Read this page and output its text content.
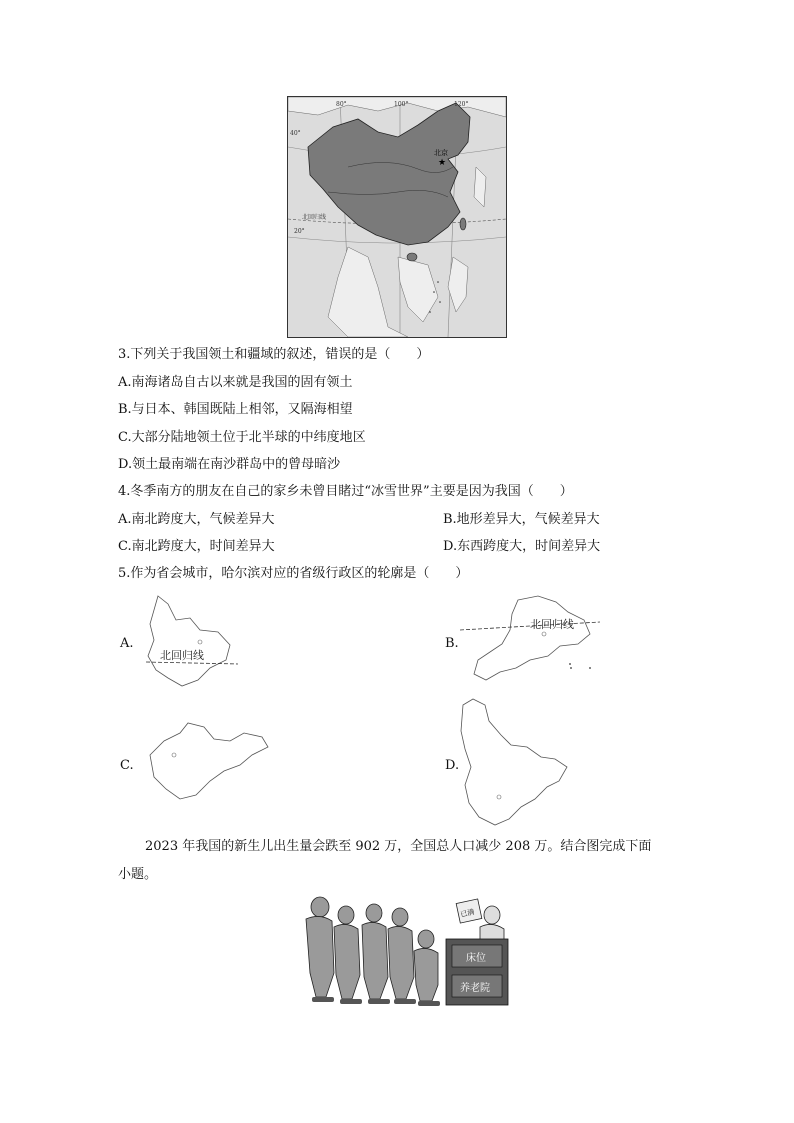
★
北京
80°	100°	120°
40°
20°
北回归线
3.下列关于我国领土和疆域的叙述，错误的是（　　）
A.南海诸岛自古以来就是我国的固有领土
B.与日本、韩国既陆上相邻，又隔海相望
C.大部分陆地领土位于北半球的中纬度地区
D.领土最南端在南沙群岛中的曾母暗沙
4.冬季南方的朋友在自己的家乡未曾目睹过“冰雪世界”主要是因为我国（　　）
A.南北跨度大，气候差异大	B.地形差异大，气候差异大
C.南北跨度大，时间差异大	D.东西跨度大，时间差异大
5.作为省会城市，哈尔滨对应的省级行政区的轮廓是（　　）
A.
北回归线
B.
北回归线
C.	D.
2023 年我国的新生儿出生量会跌至 902 万，全国总人口减少 208 万。结合图完成下面
小题。
已满
床位
养老院
